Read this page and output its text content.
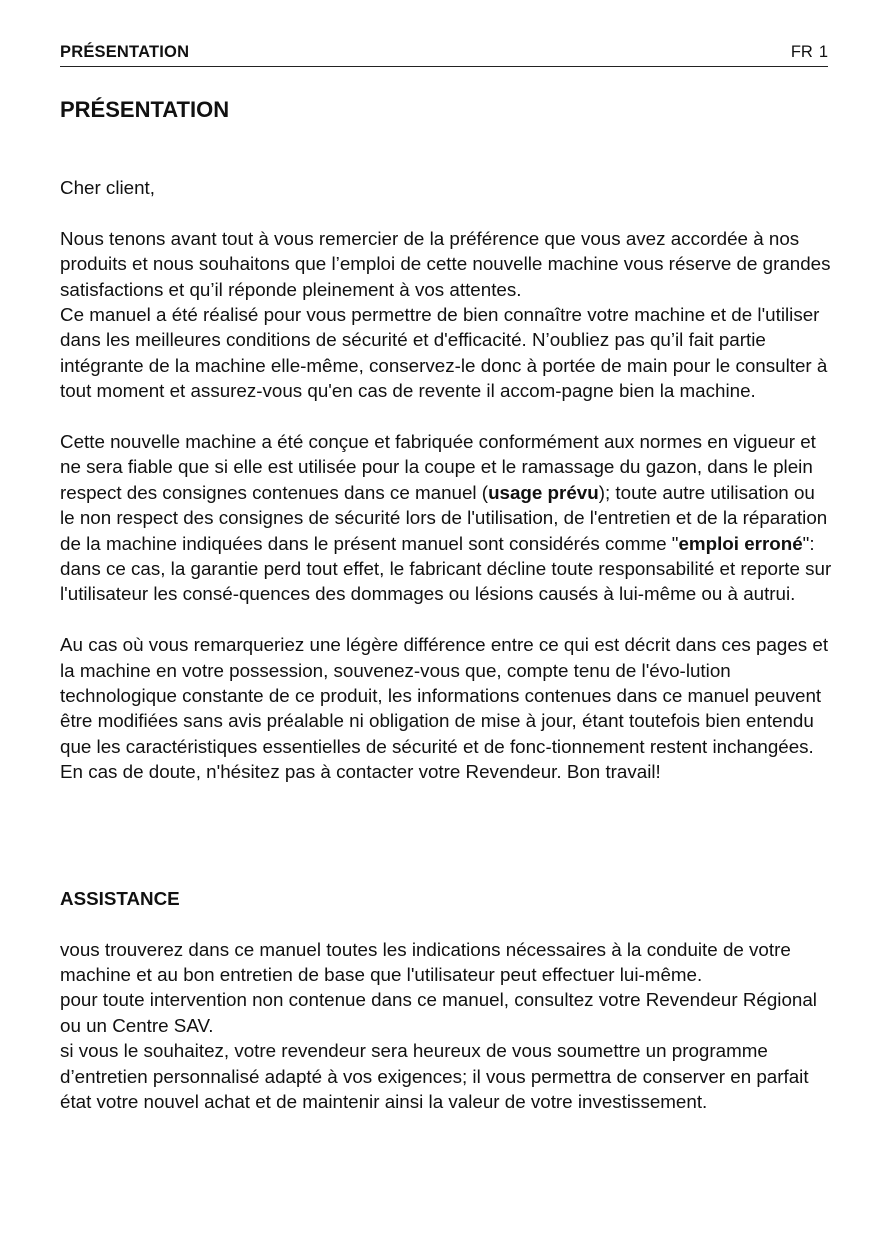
PRÉSENTATION	FR 1
PRÉSENTATION

Cher client,

Nous tenons avant tout à vous remercier de la préférence que vous avez accordée à nos produits et nous souhaitons que l’emploi de cette nouvelle machine vous réserve de grandes satisfactions et qu’il réponde pleinement à vos attentes.

Ce manuel a été réalisé pour vous permettre de bien connaître votre machine et de l'utiliser dans les meilleures conditions de sécurité et d'efficacité. N’oubliez pas qu’il fait partie intégrante de la machine elle-même, conservez-le donc à portée de main pour le consulter à tout moment et assurez-vous qu'en cas de revente il accom-pagne bien la machine.

Cette nouvelle machine a été conçue et fabriquée conformément aux normes en vigueur et ne sera fiable que si elle est utilisée pour la coupe et le ramassage du gazon, dans le plein respect des consignes contenues dans ce manuel (usage prévu); toute autre utilisation ou le non respect des consignes de sécurité lors de l'utilisation, de l'entretien et de la réparation de la machine indiquées dans le présent manuel sont considérés comme "emploi erroné": dans ce cas, la garantie perd tout effet, le fabricant décline toute responsabilité et reporte sur l'utilisateur les consé-quences des dommages ou lésions causés à lui-même ou à autrui.

Au cas où vous remarqueriez une légère différence entre ce qui est décrit dans ces pages et la machine en votre possession, souvenez-vous que, compte tenu de l'évo-lution technologique constante de ce produit, les informations contenues dans ce manuel peuvent être modifiées sans avis préalable ni obligation de mise à jour, étant toutefois bien entendu que les caractéristiques essentielles de sécurité et de fonc-tionnement restent inchangées. En cas de doute, n'hésitez pas à contacter votre Revendeur. Bon travail!

ASSISTANCE

vous trouverez dans ce manuel toutes les indications nécessaires à la conduite de votre machine et au bon entretien de base que l'utilisateur peut effectuer lui-même.

pour toute intervention non contenue dans ce manuel, consultez votre Revendeur Régional ou un Centre SAV.

si vous le souhaitez, votre revendeur sera heureux de vous soumettre un programme d’entretien personnalisé adapté à vos exigences; il vous permettra de conserver en parfait état votre nouvel achat et de maintenir ainsi la valeur de votre investissement.
